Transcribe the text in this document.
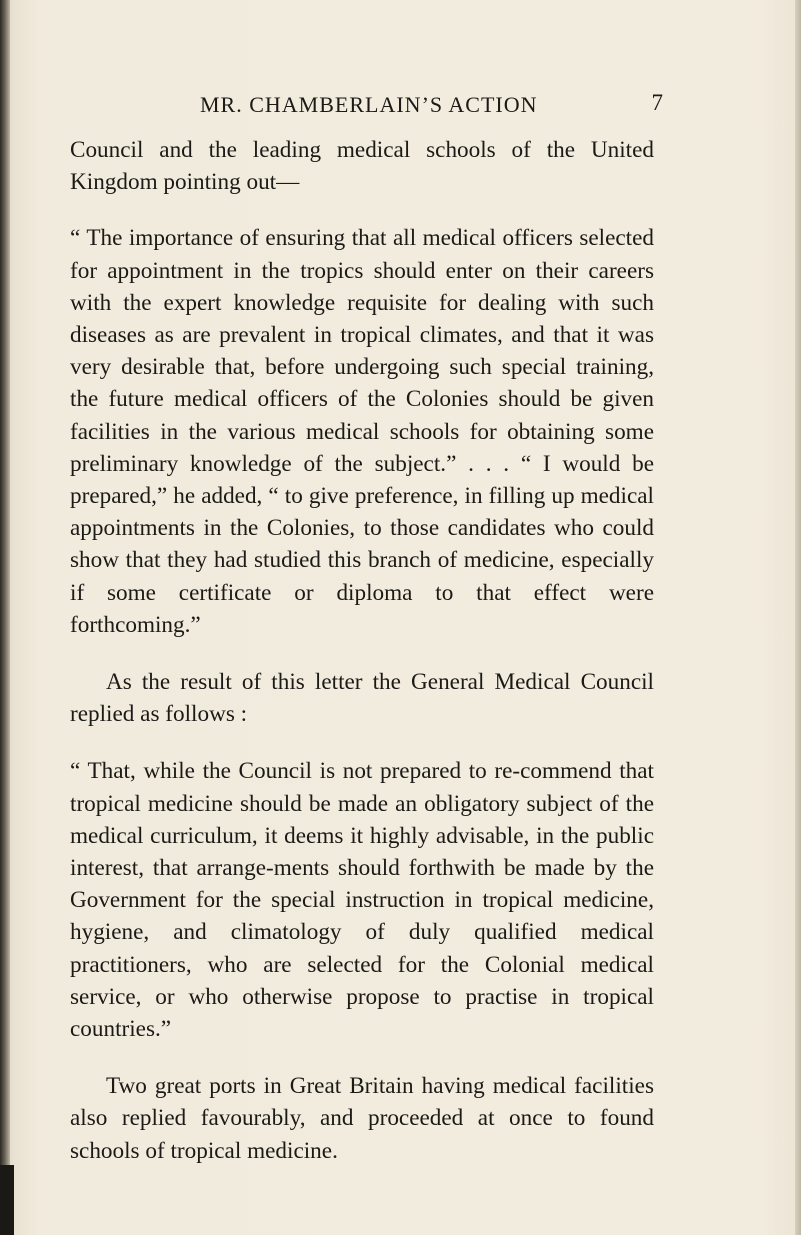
MR. CHAMBERLAIN’S ACTION	7

Council and the leading medical schools of the United Kingdom pointing out—

“ The importance of ensuring that all medical officers selected for appointment in the tropics should enter on their careers with the expert knowledge requisite for dealing with such diseases as are prevalent in tropical climates, and that it was very desirable that, before undergoing such special training, the future medical officers of the Colonies should be given facilities in the various medical schools for obtaining some preliminary knowledge of the subject.” . . . “ I would be prepared,” he added, “ to give preference, in filling up medical appointments in the Colonies, to those candidates who could show that they had studied this branch of medicine, especially if some certificate or diploma to that effect were forthcoming.”

As the result of this letter the General Medical Council replied as follows :

“ That, while the Council is not prepared to re-commend that tropical medicine should be made an obligatory subject of the medical curriculum, it deems it highly advisable, in the public interest, that arrange-ments should forthwith be made by the Government for the special instruction in tropical medicine, hygiene, and climatology of duly qualified medical practitioners, who are selected for the Colonial medical service, or who otherwise propose to practise in tropical countries.”

Two great ports in Great Britain having medical facilities also replied favourably, and proceeded at once to found schools of tropical medicine.
